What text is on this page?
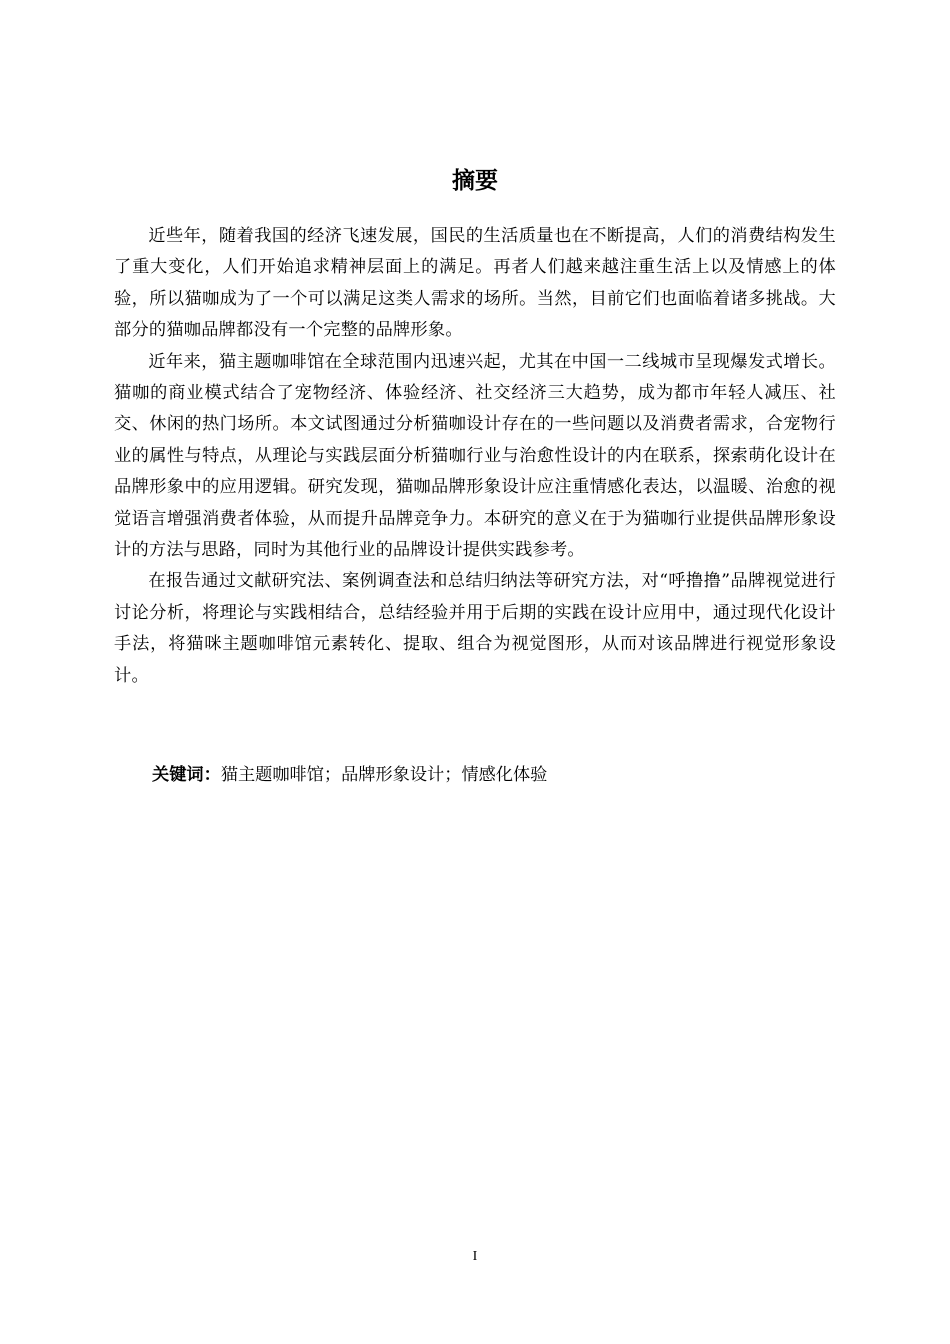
摘要

近些年，随着我国的经济飞速发展，国民的生活质量也在不断提高，人们的消费结构发生了重大变化，人们开始追求精神层面上的满足。再者人们越来越注重生活上以及情感上的体验，所以猫咖成为了一个可以满足这类人需求的场所。当然，目前它们也面临着诸多挑战。大部分的猫咖品牌都没有一个完整的品牌形象。

近年来，猫主题咖啡馆在全球范围内迅速兴起，尤其在中国一二线城市呈现爆发式增长。猫咖的商业模式结合了宠物经济、体验经济、社交经济三大趋势，成为都市年轻人减压、社交、休闲的热门场所。本文试图通过分析猫咖设计存在的一些问题以及消费者需求，合宠物行业的属性与特点，从理论与实践层面分析猫咖行业与治愈性设计的内在联系，探索萌化设计在品牌形象中的应用逻辑。研究发现，猫咖品牌形象设计应注重情感化表达，以温暖、治愈的视觉语言增强消费者体验，从而提升品牌竞争力。本研究的意义在于为猫咖行业提供品牌形象设计的方法与思路，同时为其他行业的品牌设计提供实践参考。

在报告通过文献研究法、案例调查法和总结归纳法等研究方法，对“呼撸撸”品牌视觉进行讨论分析，将理论与实践相结合，总结经验并用于后期的实践在设计应用中，通过现代化设计手法，将猫咪主题咖啡馆元素转化、提取、组合为视觉图形，从而对该品牌进行视觉形象设计。

关键词：猫主题咖啡馆；品牌形象设计；情感化体验
I
